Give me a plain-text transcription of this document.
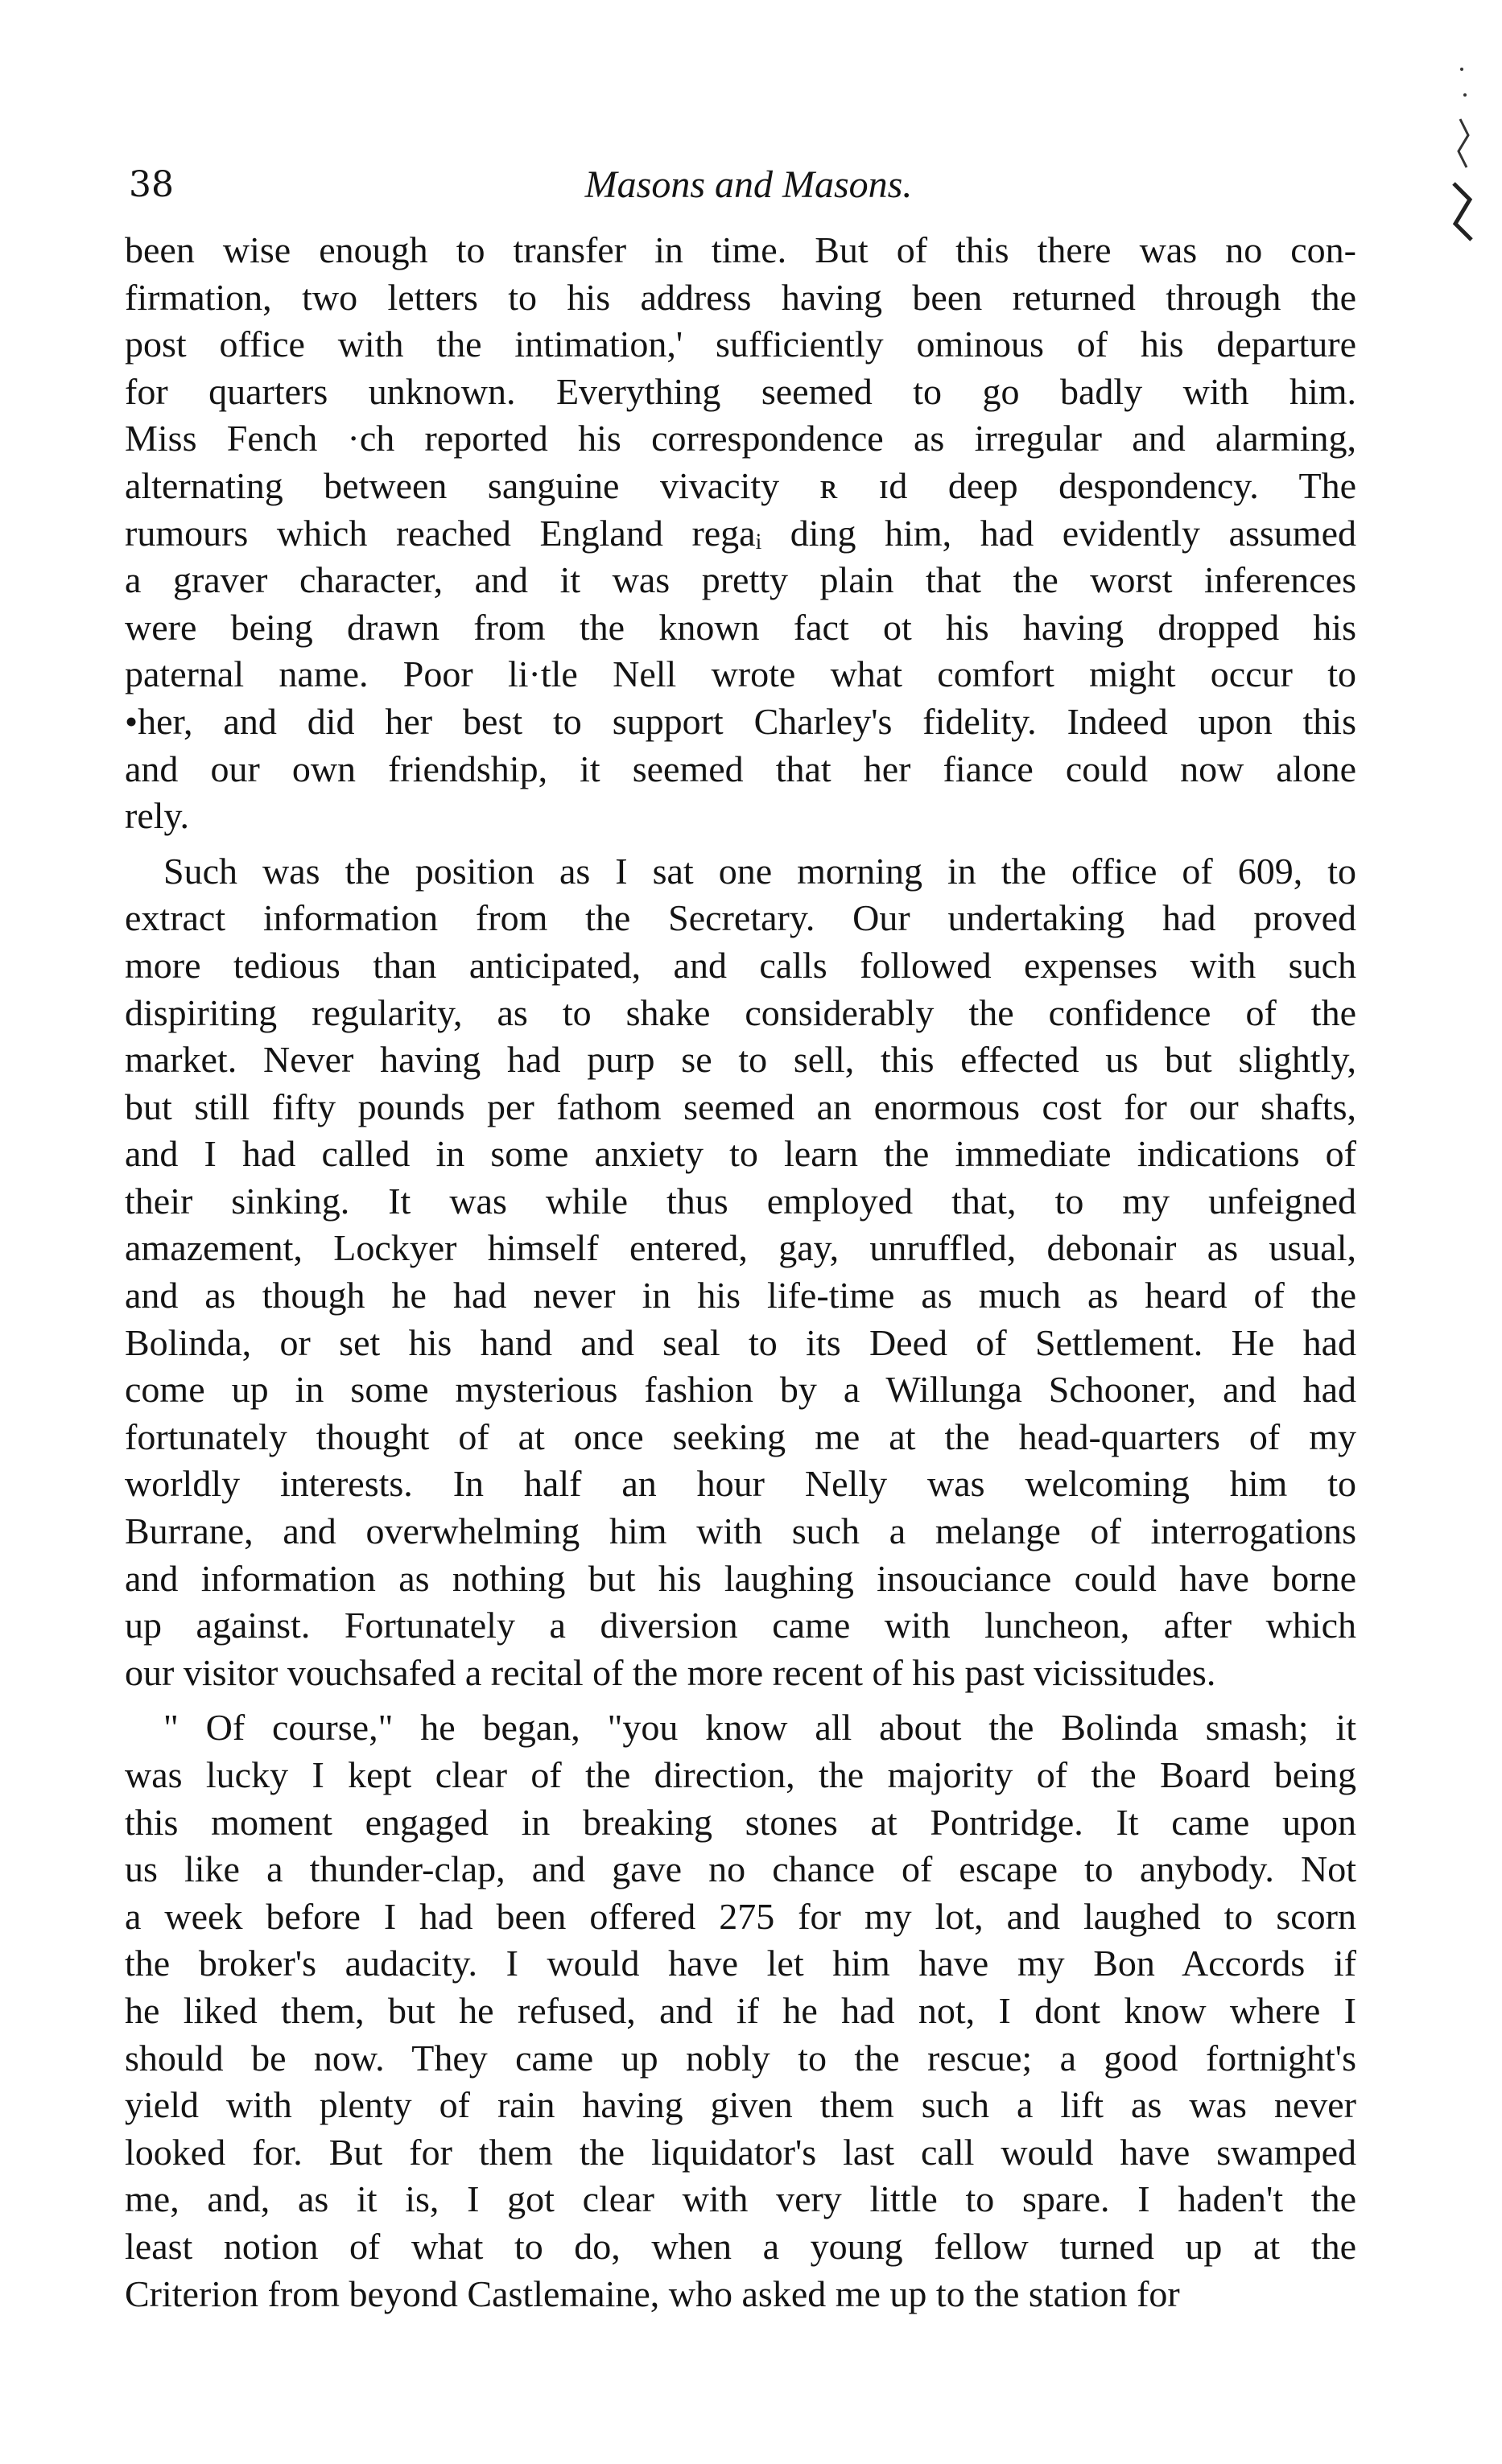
38	Masons and Masons.
been wise enough to transfer in time. But of this there was no con-
firmation, two letters to his address having been returned through the
post office with the intimation,' sufficiently ominous of his departure
for quarters unknown. Everything seemed to go badly with him.
Miss Fench ·ch reported his correspondence as irregular and alarming,
alternating between sanguine vivacity ʀ ɪd deep despondency. The
rumours which reached England regaᵢ ding him, had evidently assumed
a graver character, and it was pretty plain that the worst inferences
were being drawn from the known fact ot his having dropped his
paternal name. Poor li·tle Nell wrote what comfort might occur to
•her, and did her best to support Charley's fidelity. Indeed upon this
and our own friendship, it seemed that her fiance could now alone
rely.
Such was the position as I sat one morning in the office of 609, to
extract information from the Secretary. Our undertaking had proved
more tedious than anticipated, and calls followed expenses with such
dispiriting regularity, as to shake considerably the confidence of the
market. Never having had purp se to sell, this effected us but slightly,
but still fifty pounds per fathom seemed an enormous cost for our shafts,
and I had called in some anxiety to learn the immediate indications of
their sinking. It was while thus employed that, to my unfeigned
amazement, Lockyer himself entered, gay, unruffled, debonair as usual,
and as though he had never in his life-time as much as heard of the
Bolinda, or set his hand and seal to its Deed of Settlement. He had
come up in some mysterious fashion by a Willunga Schooner, and had
fortunately thought of at once seeking me at the head-quarters of my
worldly interests. In half an hour Nelly was welcoming him to
Burrane, and overwhelming him with such a melange of interrogations
and information as nothing but his laughing insouciance could have borne
up against. Fortunately a diversion came with luncheon, after which
our visitor vouchsafed a recital of the more recent of his past vicissitudes.
" Of course," he began, "you know all about the Bolinda smash; it
was lucky I kept clear of the direction, the majority of the Board being
this moment engaged in breaking stones at Pontridge. It came upon
us like a thunder-clap, and gave no chance of escape to anybody. Not
a week before I had been offered 275 for my lot, and laughed to scorn
the broker's audacity. I would have let him have my Bon Accords if
he liked them, but he refused, and if he had not, I dont know where I
should be now. They came up nobly to the rescue; a good fortnight's
yield with plenty of rain having given them such a lift as was never
looked for. But for them the liquidator's last call would have swamped
me, and, as it is, I got clear with very little to spare. I haden't the
least notion of what to do, when a young fellow turned up at the
Criterion from beyond Castlemaine, who asked me up to the station for
